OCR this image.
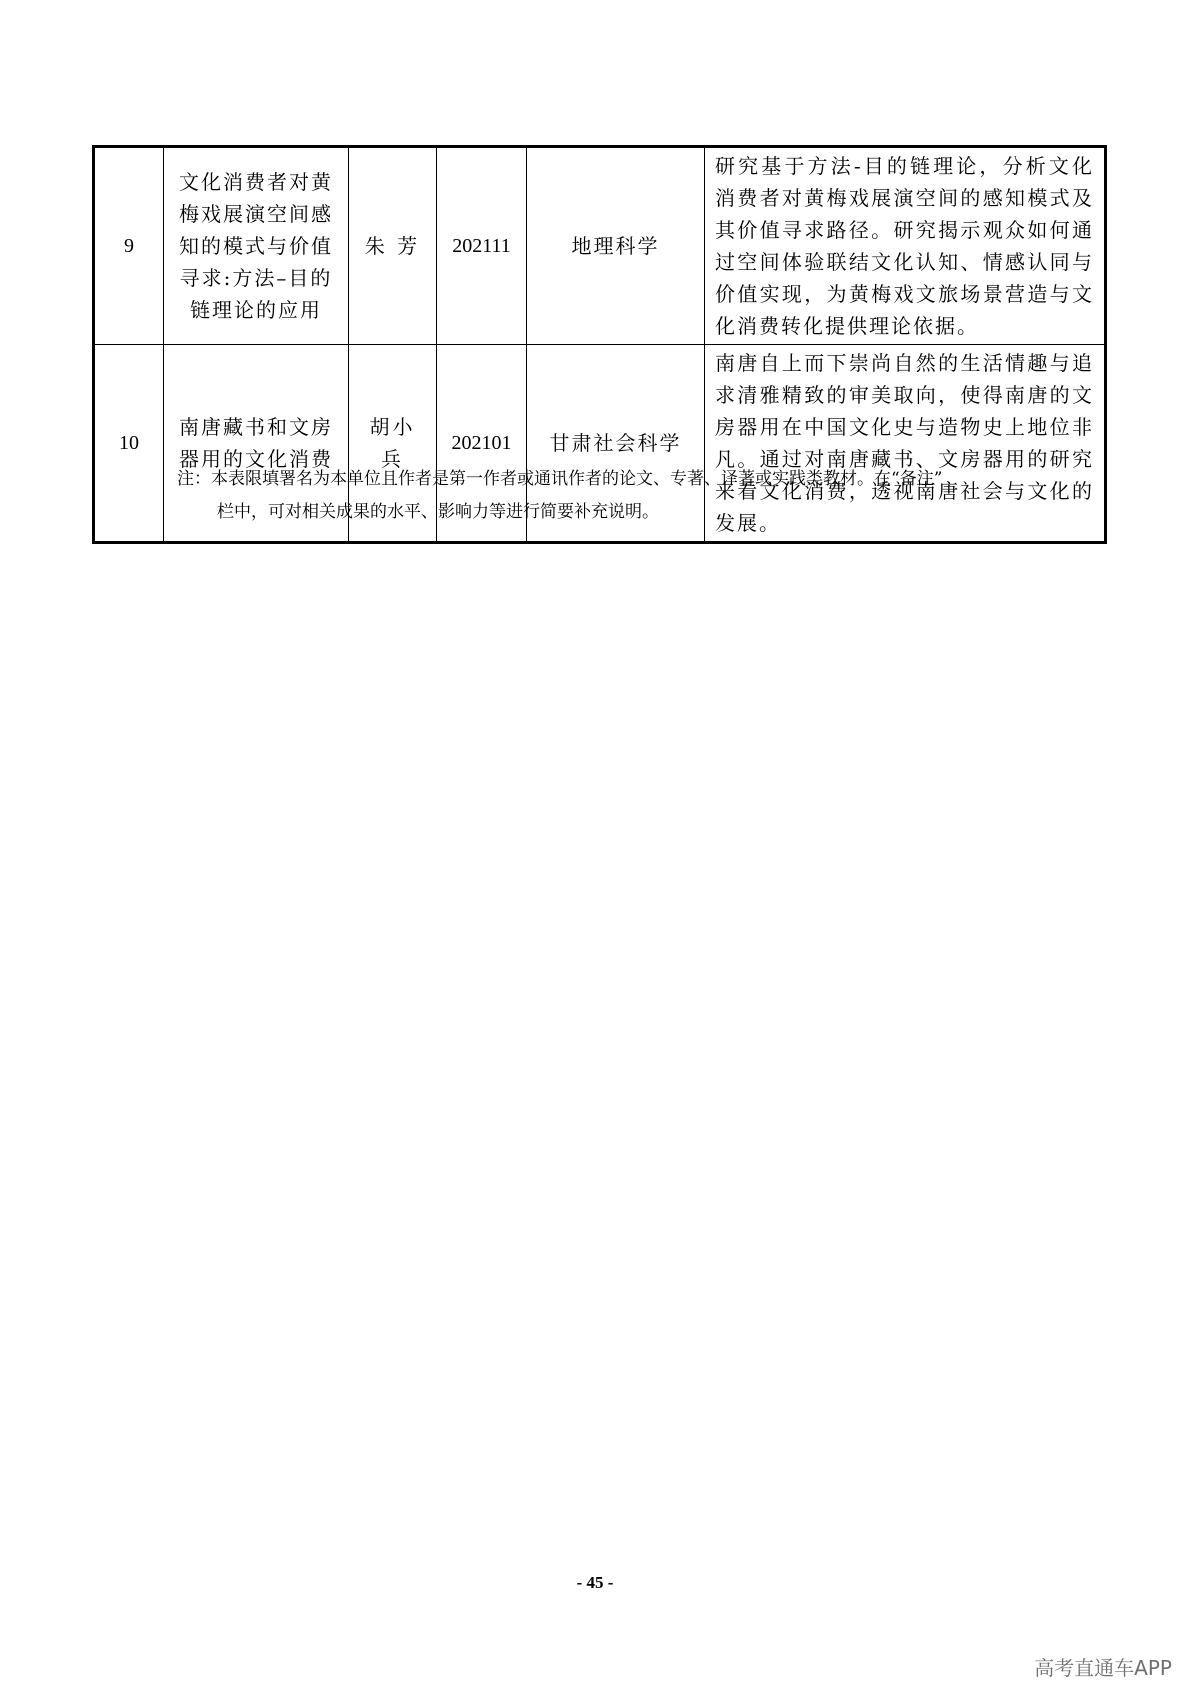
9	文化消费者对黄梅戏展演空间感知的模式与价值寻求:方法–目的链理论的应用	朱 芳	202111	地理科学	研究基于方法-目的链理论，分析文化消费者对黄梅戏展演空间的感知模式及其价值寻求路径。研究揭示观众如何通过空间体验联结文化认知、情感认同与价值实现，为黄梅戏文旅场景营造与文化消费转化提供理论依据。

10	南唐藏书和文房器用的文化消费	胡小兵	202101	甘肃社会科学	南唐自上而下崇尚自然的生活情趣与追求清雅精致的审美取向，使得南唐的文房器用在中国文化史与造物史上地位非凡。通过对南唐藏书、文房器用的研究来看文化消费，透视南唐社会与文化的发展。
注：本表限填署名为本单位且作者是第一作者或通讯作者的论文、专著、译著或实践类教材。在“备注”
栏中，可对相关成果的水平、影响力等进行简要补充说明。
- 45 -
高考直通车APP
